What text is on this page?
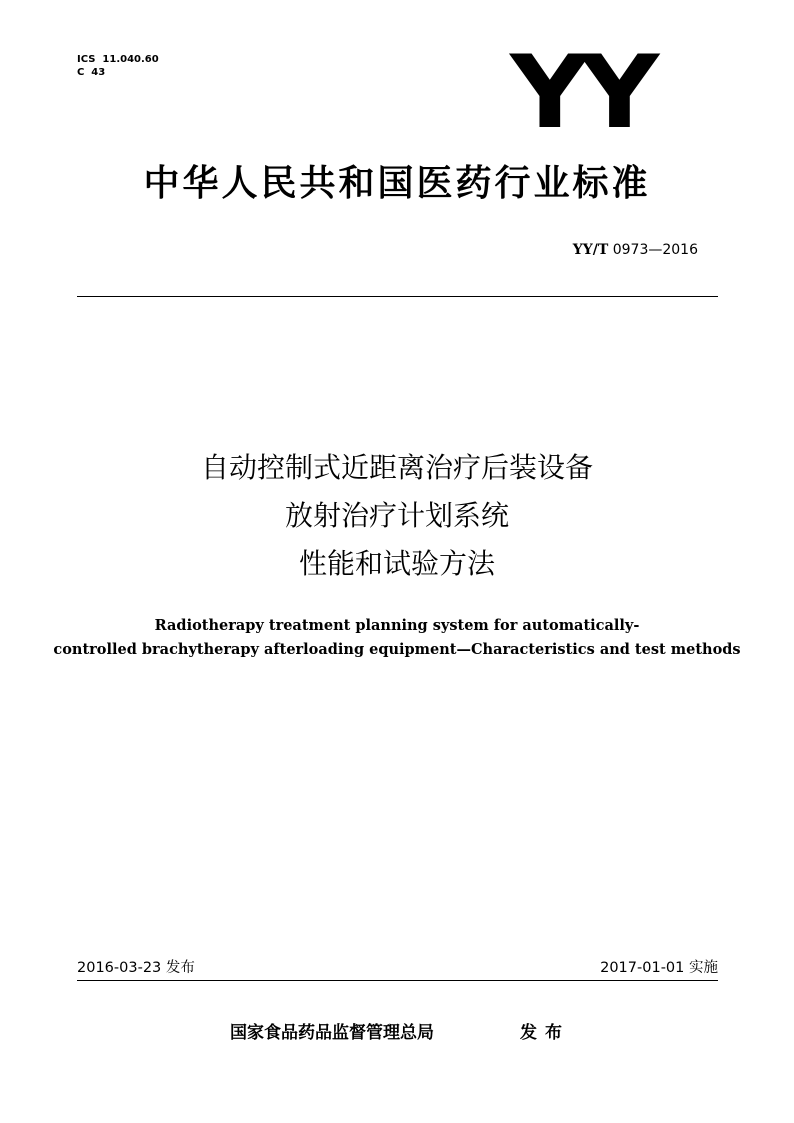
ICS  11.040.60
C  43	YY
中华人民共和国医药行业标准
YY/T 0973—2016
自动控制式近距离治疗后装设备
放射治疗计划系统
性能和试验方法
Radiotherapy treatment planning system for automatically-
controlled brachytherapy afterloading equipment—Characteristics and test methods
2016-03-23 发布	2017-01-01 实施
国家食品药品监督管理总局	发布
